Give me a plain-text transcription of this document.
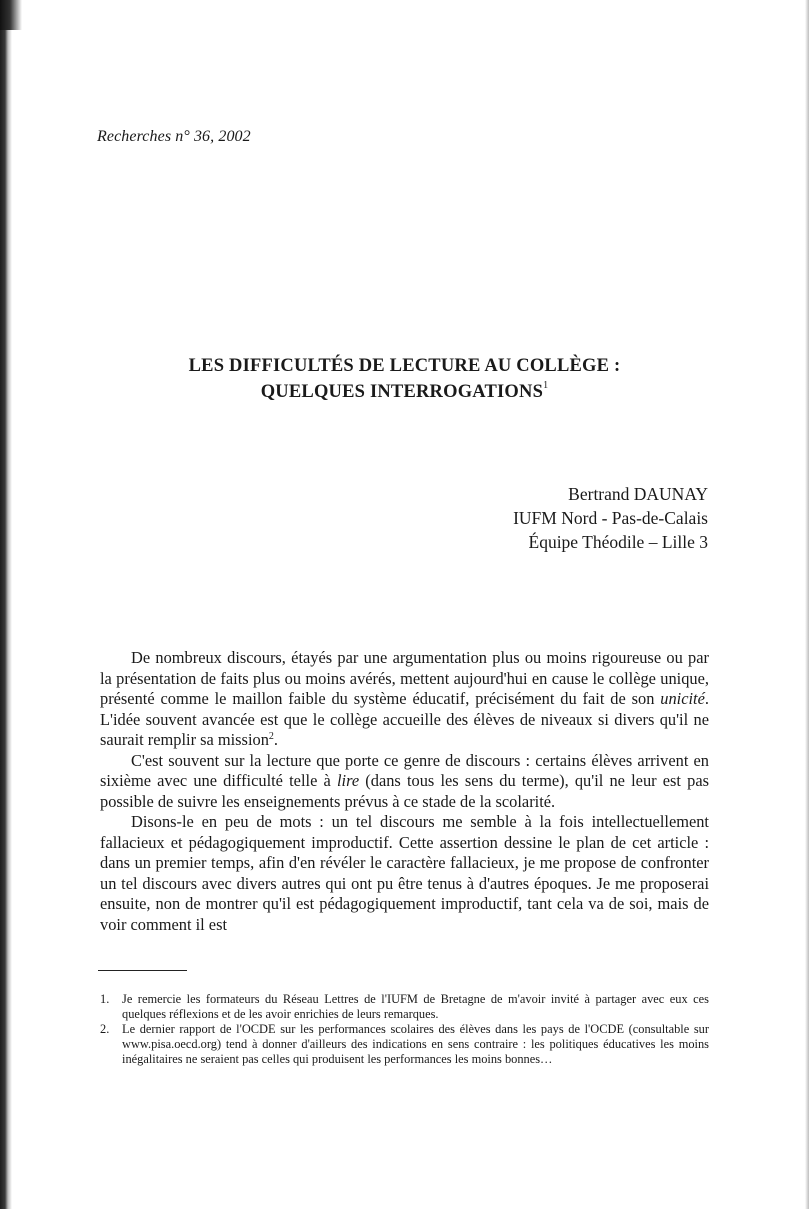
Recherches n° 36, 2002
LES DIFFICULTÉS DE LECTURE AU COLLÈGE :
QUELQUES INTERROGATIONS$^1$
Bertrand DAUNAY
IUFM Nord - Pas-de-Calais
Équipe Théodile – Lille 3

De nombreux discours, étayés par une argumentation plus ou moins rigoureuse ou par la présentation de faits plus ou moins avérés, mettent aujourd'hui en cause le collège unique, présenté comme le maillon faible du système éducatif, précisément du fait de son unicité. L'idée souvent avancée est que le collège accueille des élèves de niveaux si divers qu'il ne saurait remplir sa mission$^2$.

C'est souvent sur la lecture que porte ce genre de discours : certains élèves arrivent en sixième avec une difficulté telle à lire (dans tous les sens du terme), qu'il ne leur est pas possible de suivre les enseignements prévus à ce stade de la scolarité.

Disons-le en peu de mots : un tel discours me semble à la fois intellectuellement fallacieux et pédagogiquement improductif. Cette assertion dessine le plan de cet article : dans un premier temps, afin d'en révéler le caractère fallacieux, je me propose de confronter un tel discours avec divers autres qui ont pu être tenus à d'autres époques. Je me proposerai ensuite, non de montrer qu'il est pédagogiquement improductif, tant cela va de soi, mais de voir comment il est

1. Je remercie les formateurs du Réseau Lettres de l'IUFM de Bretagne de m'avoir invité à partager avec eux ces quelques réflexions et de les avoir enrichies de leurs remarques.
2. Le dernier rapport de l'OCDE sur les performances scolaires des élèves dans les pays de l'OCDE (consultable sur www.pisa.oecd.org) tend à donner d'ailleurs des indications en sens contraire : les politiques éducatives les moins inégalitaires ne seraient pas celles qui produisent les performances les moins bonnes…
